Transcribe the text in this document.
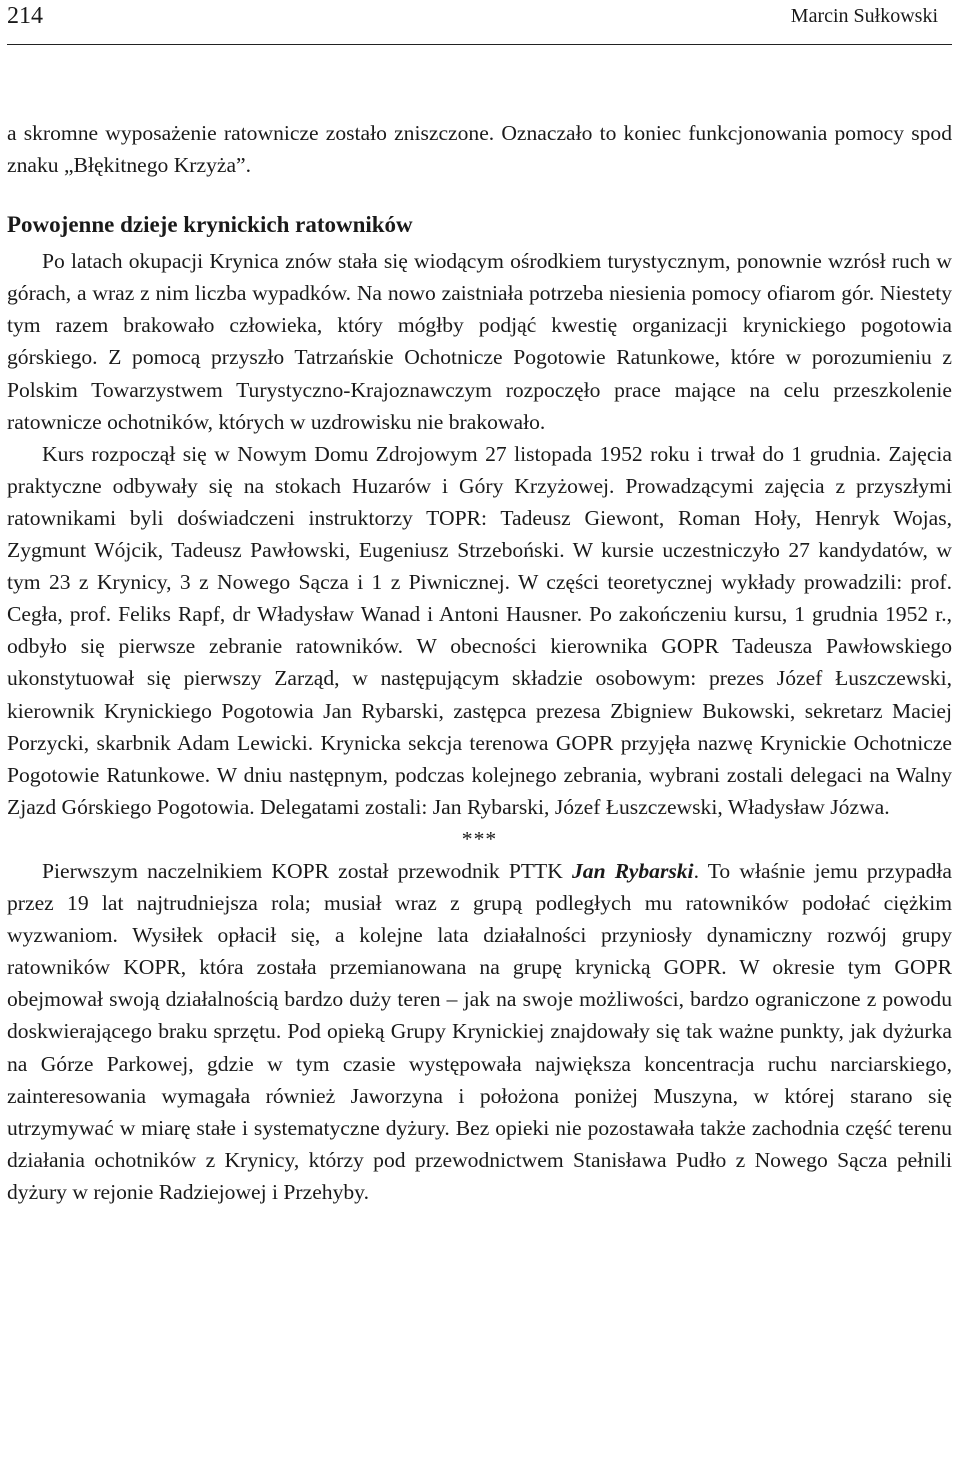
214	Marcin Sułkowski

a skromne wyposażenie ratownicze zostało zniszczone. Oznaczało to koniec funkcjonowania pomocy spod znaku „Błękitnego Krzyża”.

Powojenne dzieje krynickich ratowników

Po latach okupacji Krynica znów stała się wiodącym ośrodkiem turystycznym, ponownie wzrósł ruch w górach, a wraz z nim liczba wypadków. Na nowo zaistniała potrzeba niesienia pomocy ofiarom gór. Niestety tym razem brakowało człowieka, który mógłby podjąć kwestię organizacji krynickiego pogotowia górskiego. Z pomocą przyszło Tatrzańskie Ochotnicze Pogotowie Ratunkowe, które w porozumieniu z Polskim Towarzystwem Turystyczno-Krajoznawczym rozpoczęło prace mające na celu przeszkolenie ratownicze ochotników, których w uzdrowisku nie brakowało.

Kurs rozpoczął się w Nowym Domu Zdrojowym 27 listopada 1952 roku i trwał do 1 grudnia. Zajęcia praktyczne odbywały się na stokach Huzarów i Góry Krzyżowej. Prowadzącymi zajęcia z przyszłymi ratownikami byli doświadczeni instruktorzy TOPR: Tadeusz Giewont, Roman Hoły, Henryk Wojas, Zygmunt Wójcik, Tadeusz Pawłowski, Eugeniusz Strzeboński. W kursie uczestniczyło 27 kandydatów, w tym 23 z Krynicy, 3 z Nowego Sącza i 1 z Piwnicznej. W części teoretycznej wykłady prowadzili: prof. Cegła, prof. Feliks Rapf, dr Władysław Wanad i Antoni Hausner. Po zakończeniu kursu, 1 grudnia 1952 r., odbyło się pierwsze zebranie ratowników. W obecności kierownika GOPR Tadeusza Pawłowskiego ukonstytuował się pierwszy Zarząd, w następującym składzie osobowym: prezes Józef Łuszczewski, kierownik Krynickiego Pogotowia Jan Rybarski, zastępca prezesa Zbigniew Bukowski, sekretarz Maciej Porzycki, skarbnik Adam Lewicki. Krynicka sekcja terenowa GOPR przyjęła nazwę Krynickie Ochotnicze Pogotowie Ratunkowe. W dniu następnym, podczas kolejnego zebrania, wybrani zostali delegaci na Walny Zjazd Górskiego Pogotowia. Delegatami zostali: Jan Rybarski, Józef Łuszczewski, Władysław Józwa.

***

Pierwszym naczelnikiem KOPR został przewodnik PTTK Jan Rybarski. To właśnie jemu przypadła przez 19 lat najtrudniejsza rola; musiał wraz z grupą podległych mu ratowników podołać ciężkim wyzwaniom. Wysiłek opłacił się, a kolejne lata działalności przyniosły dynamiczny rozwój grupy ratowników KOPR, która została przemianowana na grupę krynicką GOPR. W okresie tym GOPR obejmował swoją działalnością bardzo duży teren – jak na swoje możliwości, bardzo ograniczone z powodu doskwierającego braku sprzętu. Pod opieką Grupy Krynickiej znajdowały się tak ważne punkty, jak dyżurka na Górze Parkowej, gdzie w tym czasie występowała największa koncentracja ruchu narciarskiego, zainteresowania wymagała również Jaworzyna i położona poniżej Muszyna, w której starano się utrzymywać w miarę stałe i systematyczne dyżury. Bez opieki nie pozostawała także zachodnia część terenu działania ochotników z Krynicy, którzy pod przewodnictwem Stanisława Pudło z Nowego Sącza pełnili dyżury w rejonie Radziejowej i Przehyby.
